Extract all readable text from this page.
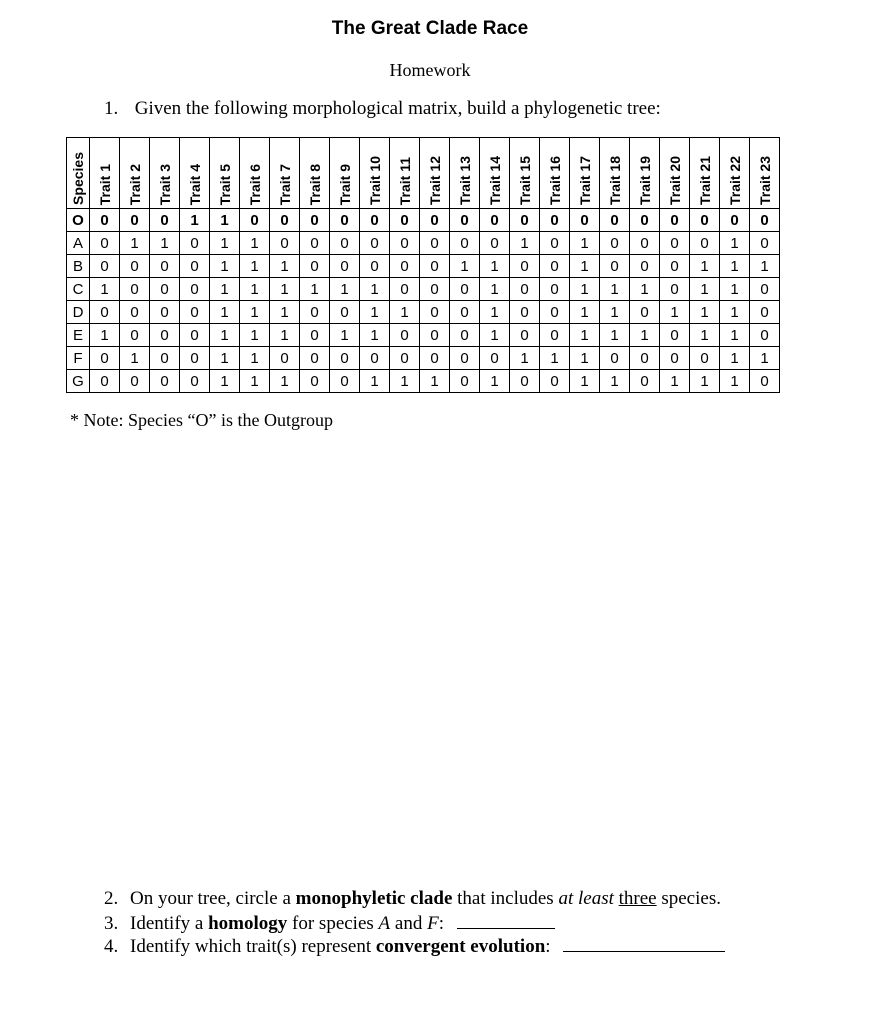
The Great Clade Race
Homework
1. Given the following morphological matrix, build a phylogenetic tree:
Species	Trait 1	Trait 2	Trait 3	Trait 4	Trait 5	Trait 6	Trait 7	Trait 8	Trait 9	Trait 10	Trait 11	Trait 12	Trait 13	Trait 14	Trait 15	Trait 16	Trait 17	Trait 18	Trait 19	Trait 20	Trait 21	Trait 22	Trait 23
O	0	0	0	1	1	0	0	0	0	0	0	0	0	0	0	0	0	0	0	0	0	0	0
A	0	1	1	0	1	1	0	0	0	0	0	0	0	0	1	0	1	0	0	0	0	1	0
B	0	0	0	0	1	1	1	0	0	0	0	0	1	1	0	0	1	0	0	0	1	1	1
C	1	0	0	0	1	1	1	1	1	1	0	0	0	1	0	0	1	1	1	0	1	1	0
D	0	0	0	0	1	1	1	0	0	1	1	0	0	1	0	0	1	1	0	1	1	1	0
E	1	0	0	0	1	1	1	0	1	1	0	0	0	1	0	0	1	1	1	0	1	1	0
F	0	1	0	0	1	1	0	0	0	0	0	0	0	0	1	1	1	0	0	0	0	1	1
G	0	0	0	0	1	1	1	0	0	1	1	1	0	1	0	0	1	1	0	1	1	1	0
* Note: Species “O” is the Outgroup
2. On your tree, circle a monophyletic clade that includes at least three species.
3. Identify a homology for species A and F:
4. Identify which trait(s) represent convergent evolution:
